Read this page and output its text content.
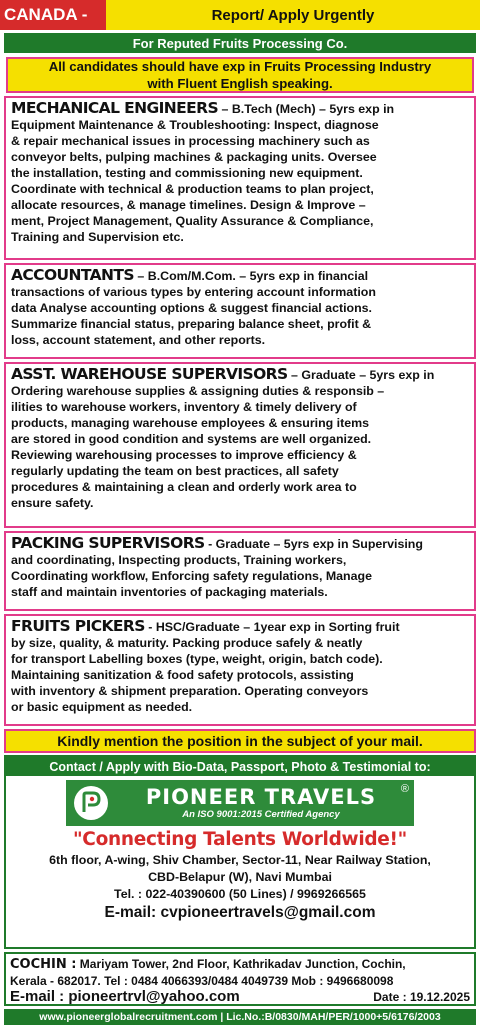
CANADA -	Report/ Apply Urgently
For Reputed Fruits Processing Co.
All candidates should have exp in Fruits Processing Industry
with Fluent English speaking.

MECHANICAL ENGINEERS – B.Tech (Mech) – 5yrs exp in

Equipment Maintenance & Troubleshooting: Inspect, diagnose

& repair mechanical issues in processing machinery such as

conveyor belts, pulping machines & packaging units. Oversee

the installation, testing and commissioning new equipment.

Coordinate with technical & production teams to plan project,

allocate resources, & manage timelines. Design & Improve –

ment, Project Management, Quality Assurance & Compliance,

Training and Supervision etc.

ACCOUNTANTS – B.Com/M.Com. – 5yrs exp in financial

transactions of various types by entering account information

data Analyse accounting options & suggest financial actions.

Summarize financial status, preparing balance sheet, profit &

loss, account statement, and other reports.

ASST. WAREHOUSE SUPERVISORS – Graduate – 5yrs exp in

Ordering warehouse supplies & assigning duties & responsib –

ilities to warehouse workers, inventory & timely delivery of

products, managing warehouse employees & ensuring items

are stored in good condition and systems are well organized.

Reviewing warehousing processes to improve efficiency &

regularly updating the team on best practices, all safety

procedures & maintaining a clean and orderly work area to

ensure safety.

PACKING SUPERVISORS - Graduate – 5yrs exp in Supervising

and coordinating, Inspecting products, Training workers,

Coordinating workflow, Enforcing safety regulations, Manage

staff and maintain inventories of packaging materials.

FRUITS PICKERS - HSC/Graduate – 1year exp in Sorting fruit

by size, quality, & maturity. Packing produce safely & neatly

for transport Labelling boxes (type, weight, origin, batch code).

Maintaining sanitization & food safety protocols, assisting

with inventory & shipment preparation. Operating conveyors

or basic equipment as needed.

Kindly mention the position in the subject of your mail.
Contact / Apply with Bio-Data, Passport, Photo & Testimonial to:
PIONEER TRAVELS
An ISO 9001:2015 Certified Agency
®
"Connecting Talents Worldwide!"
6th floor, A-wing, Shiv Chamber, Sector-11, Near Railway Station,
CBD-Belapur (W), Navi Mumbai
Tel. : 022-40390600 (50 Lines) / 9969266565
E-mail: cvpioneertravels@gmail.com
COCHIN : Mariyam Tower, 2nd Floor, Kathrikadav Junction, Cochin,
Kerala - 682017. Tel : 0484 4066393/0484 4049739 Mob : 9496680098
E-mail : pioneertrvl@yahoo.com	Date : 19.12.2025
www.pioneerglobalrecruitment.com | Lic.No.:B/0830/MAH/PER/1000+5/6176/2003
